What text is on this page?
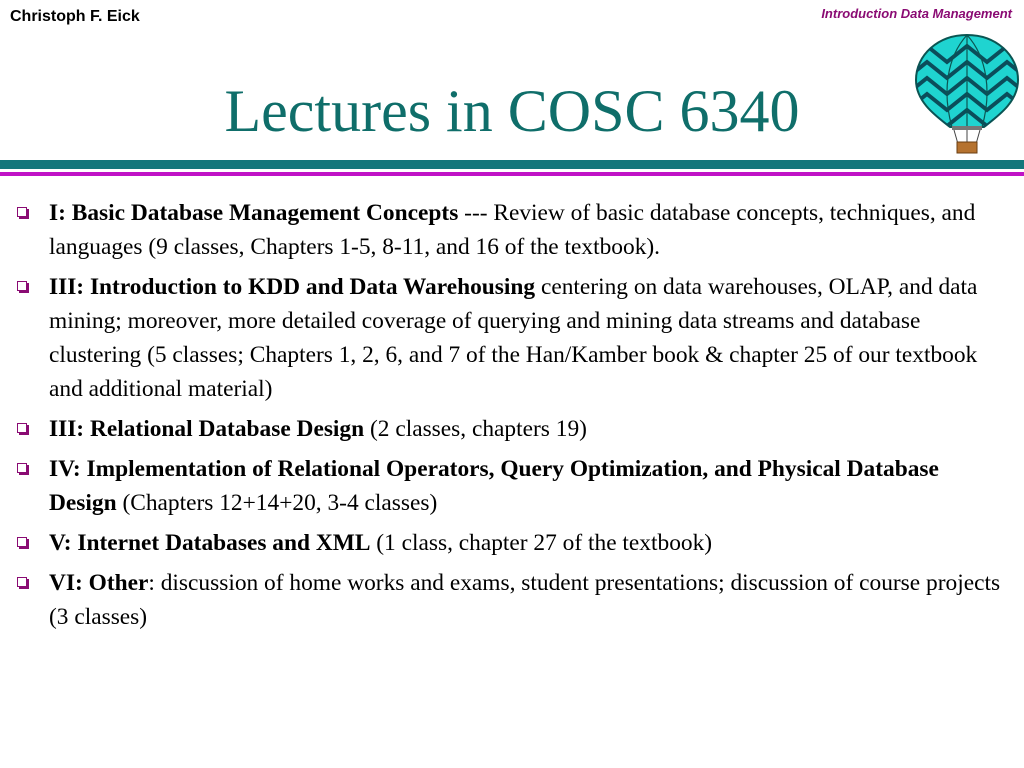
Christoph F. Eick	Introduction Data Management
Lectures in COSC 6340
I: Basic Database Management Concepts --- Review of basic database concepts, techniques, and languages (9 classes, Chapters 1-5, 8-11, and 16 of the textbook).
III: Introduction to KDD and Data Warehousing centering on data warehouses, OLAP, and data mining; moreover, more detailed coverage of querying and mining data streams and database clustering (5 classes; Chapters 1, 2, 6, and 7 of the Han/Kamber book & chapter 25 of our textbook and additional material)
III: Relational Database Design (2 classes, chapters 19)
IV: Implementation of Relational Operators, Query Optimization, and Physical Database Design (Chapters 12+14+20, 3-4 classes)
V: Internet Databases and XML (1 class, chapter 27 of the textbook)
VI: Other: discussion of home works and exams, student presentations; discussion of course projects (3 classes)
